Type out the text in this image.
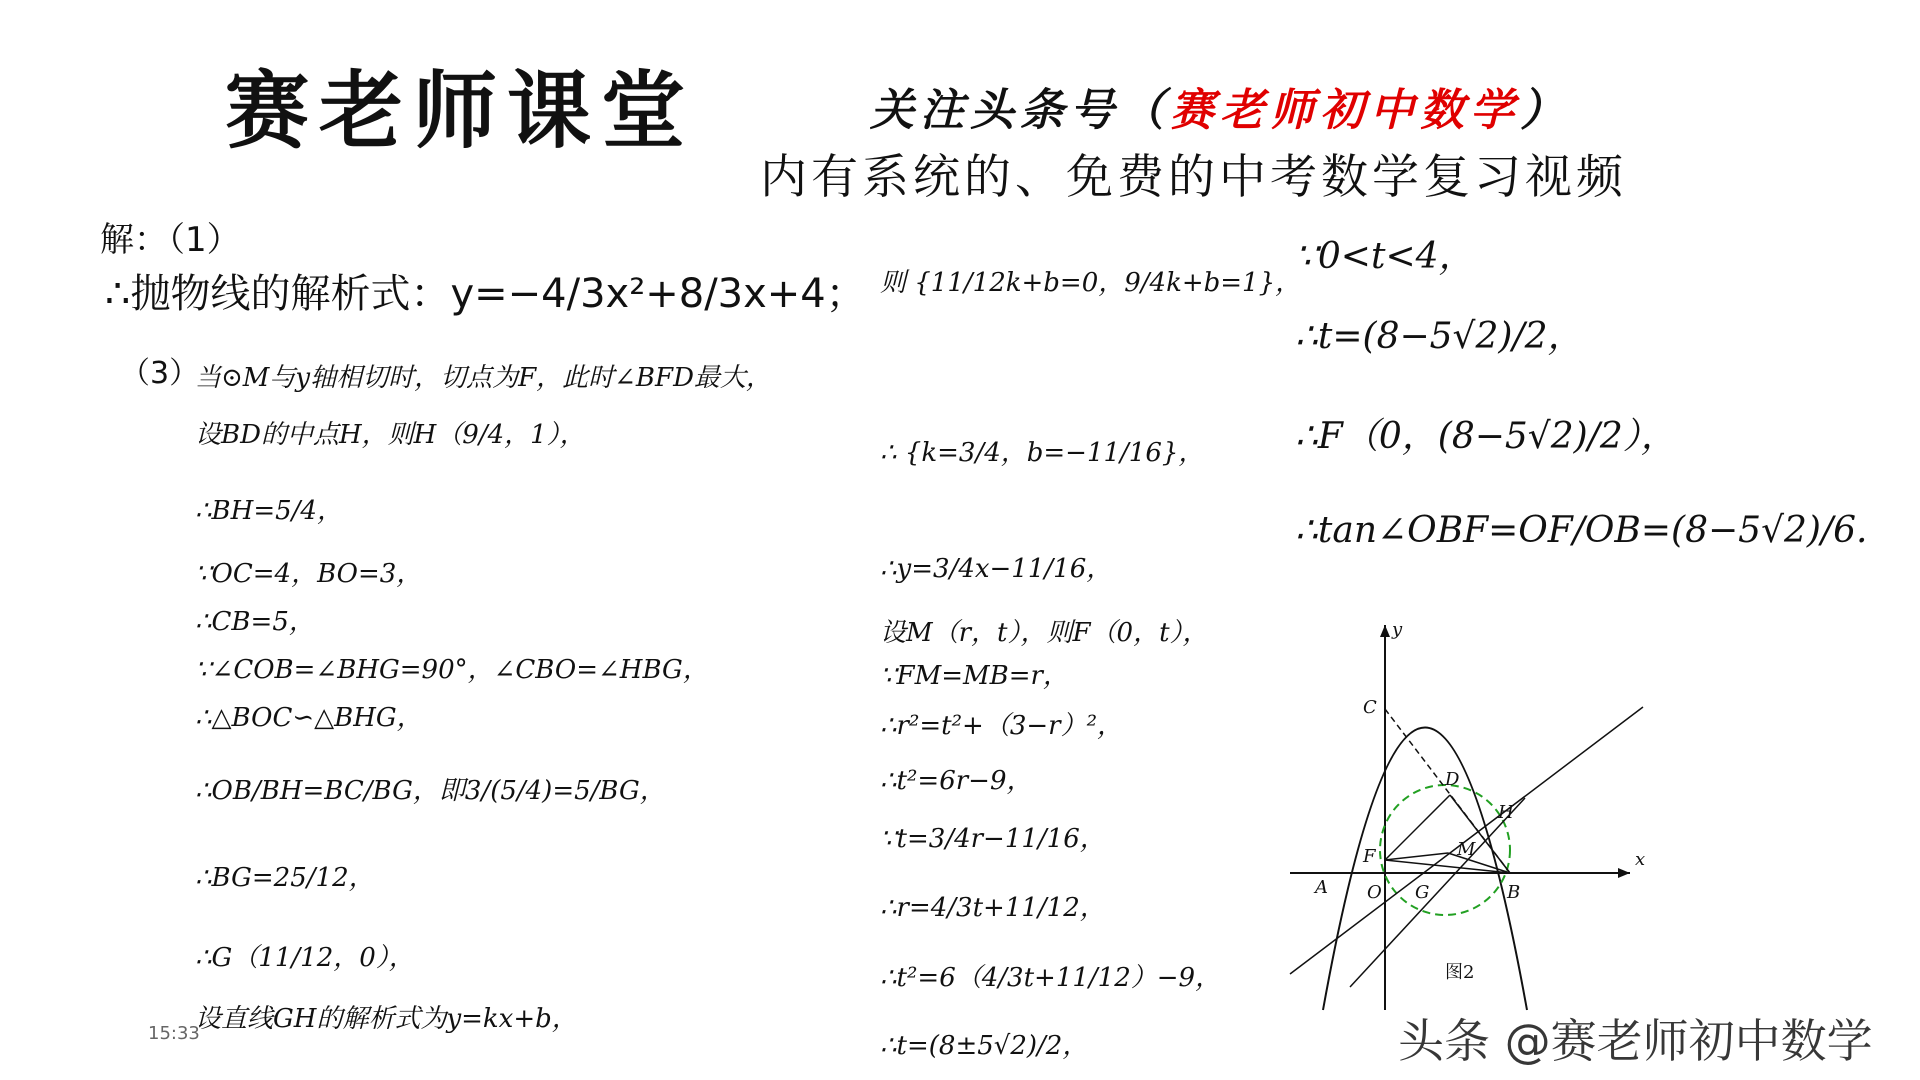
赛老师课堂	关注头条号（赛老师初中数学）
内有系统的、免费的中考数学复习视频
解：（1）
∴抛物线的解析式：y=−4/3x²+8/3x+4；
（3）
当⊙M与y轴相切时，切点为F，此时∠BFD最大，
设BD的中点H，则H（9/4，1），
∴BH=5/4，
∵OC=4，BO=3，
∴CB=5，
∵∠COB=∠BHG=90°，∠CBO=∠HBG，
∴△BOC∽△BHG，
∴OB/BH=BC/BG，即3/(5/4)=5/BG，
∴BG=25/12，
∴G（11/12，0），
设直线GH的解析式为y=kx+b，
则 {11/12k+b=0，9/4k+b=1}，
∴ {k=3/4，b=−11/16}，
∴y=3/4x−11/16，
设M（r，t），则F（0，t），
∵FM=MB=r，
∴r²=t²+（3−r）²，
∴t²=6r−9，
∵t=3/4r−11/16，
∴r=4/3t+11/12，
∴t²=6（4/3t+11/12）−9，
∴t=(8±5√2)/2，
∵0<t<4，
∴t=(8−5√2)/2，
∴F（0，(8−5√2)/2），
∴tan∠OBF=OF/OB=(8−5√2)/6.
y
x
C
D
H
M
F
A O G	B
图2
15:33	头条 @赛老师初中数学
